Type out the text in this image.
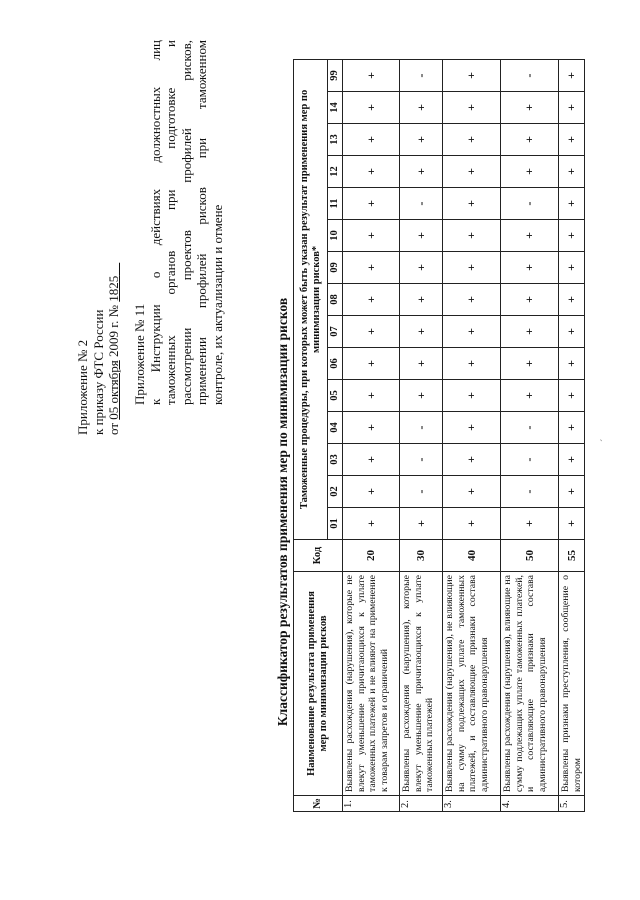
´
Приложение № 2 к приказу ФТС России от 05 октября 2009 г. № 1825
Приложение № 11 к Инструкции о действиях должностных лиц таможенных органов при подготовке и рассмотрении проектов профилей рисков, применении профилей рисков при таможенном контроле, их актуализации и отмене	Классификатор результатов применения мер по минимизации рисков
№	Наименование результата применения мер по минимизации рисков	Код	Таможенные процедуры, при которых может быть указан результат применения мер по минимизации рисков*														
			01	02	03	04	05	06	07	08	09	10	11	12	13	14	99
1.	Выявлены расхождения (нарушения), которые не влекут уменьшение причитающихся к уплате таможенных платежей и не влияют на применение к товарам запретов и ограничений	20	+	+	+	+	+	+	+	+	+	+	+	+	+	+	+
2.	Выявлены расхождения (нарушения), которые влекут уменьшение причитающихся к уплате таможенных платежей	30	+	-	-	-	+	+	+	+	+	+	-	+	+	+	-
3.	Выявлены расхождения (нарушения), не влияющие на сумму подлежащих уплате таможенных платежей, и составляющие признаки состава административного правонарушения	40	+	+	+	+	+	+	+	+	+	+	+	+	+	+	+
4.	Выявлены расхождения (нарушения), влияющие на сумму подлежащих уплате таможенных платежей, и составляющие признаки состава административного правонарушения	50	+	-	-	-	+	+	+	+	+	+	-	+	+	+	-
5.	Выявлены признаки преступления, сообщение о котором	55	+	+	+	+	+	+	+	+	+	+	+	+	+	+	+
